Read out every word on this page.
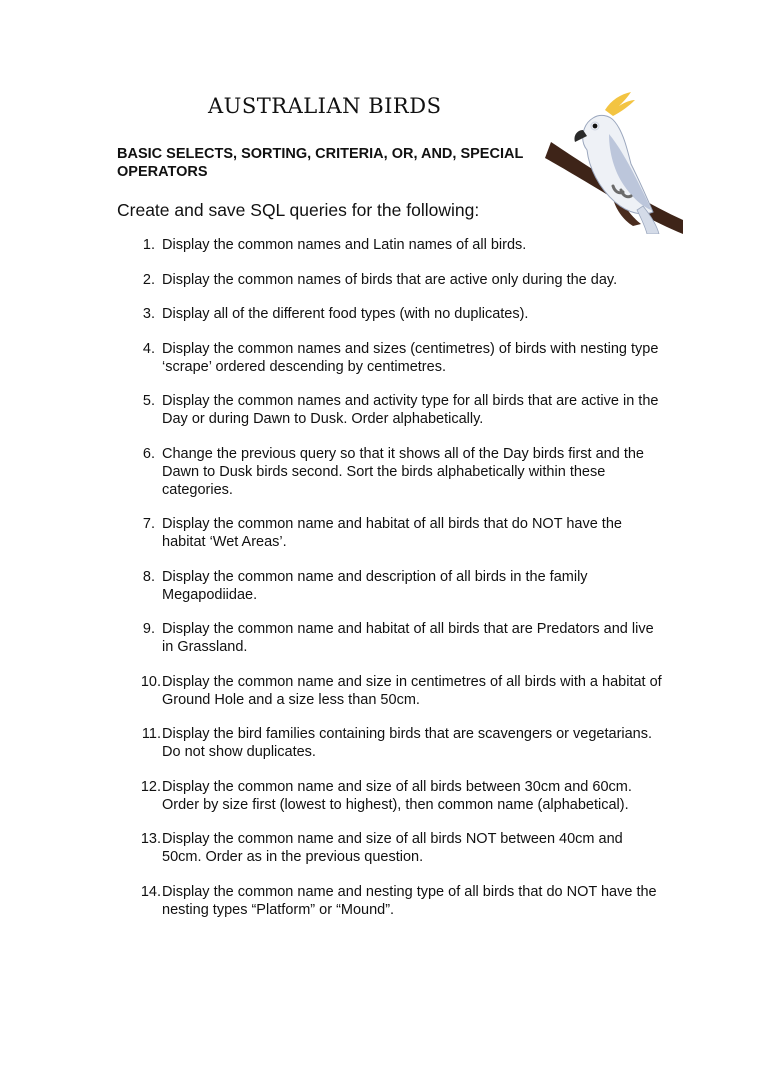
AUSTRALIAN BIRDS
BASIC SELECTS, SORTING, CRITERIA, OR, AND, SPECIAL OPERATORS
Create and save SQL queries for the following:
1. Display the common names and Latin names of all birds.
2. Display the common names of birds that are active only during the day.
3. Display all of the different food types (with no duplicates).
4. Display the common names and sizes (centimetres) of birds with nesting type ‘scrape’ ordered descending by centimetres.
5. Display the common names and activity type for all birds that are active in the Day or during Dawn to Dusk. Order alphabetically.
6. Change the previous query so that it shows all of the Day birds first and the Dawn to Dusk birds second. Sort the birds alphabetically within these categories.
7. Display the common name and habitat of all birds that do NOT have the habitat ‘Wet Areas’.
8. Display the common name and description of all birds in the family Megapodiidae.
9. Display the common name and habitat of all birds that are Predators and live in Grassland.
10. Display the common name and size in centimetres of all birds with a habitat of Ground Hole and a size less than 50cm.
11. Display the bird families containing birds that are scavengers or vegetarians. Do not show duplicates.
12. Display the common name and size of all birds between 30cm and 60cm. Order by size first (lowest to highest), then common name (alphabetical).
13. Display the common name and size of all birds NOT between 40cm and 50cm. Order as in the previous question.
14. Display the common name and nesting type of all birds that do NOT have the nesting types “Platform” or “Mound”.
